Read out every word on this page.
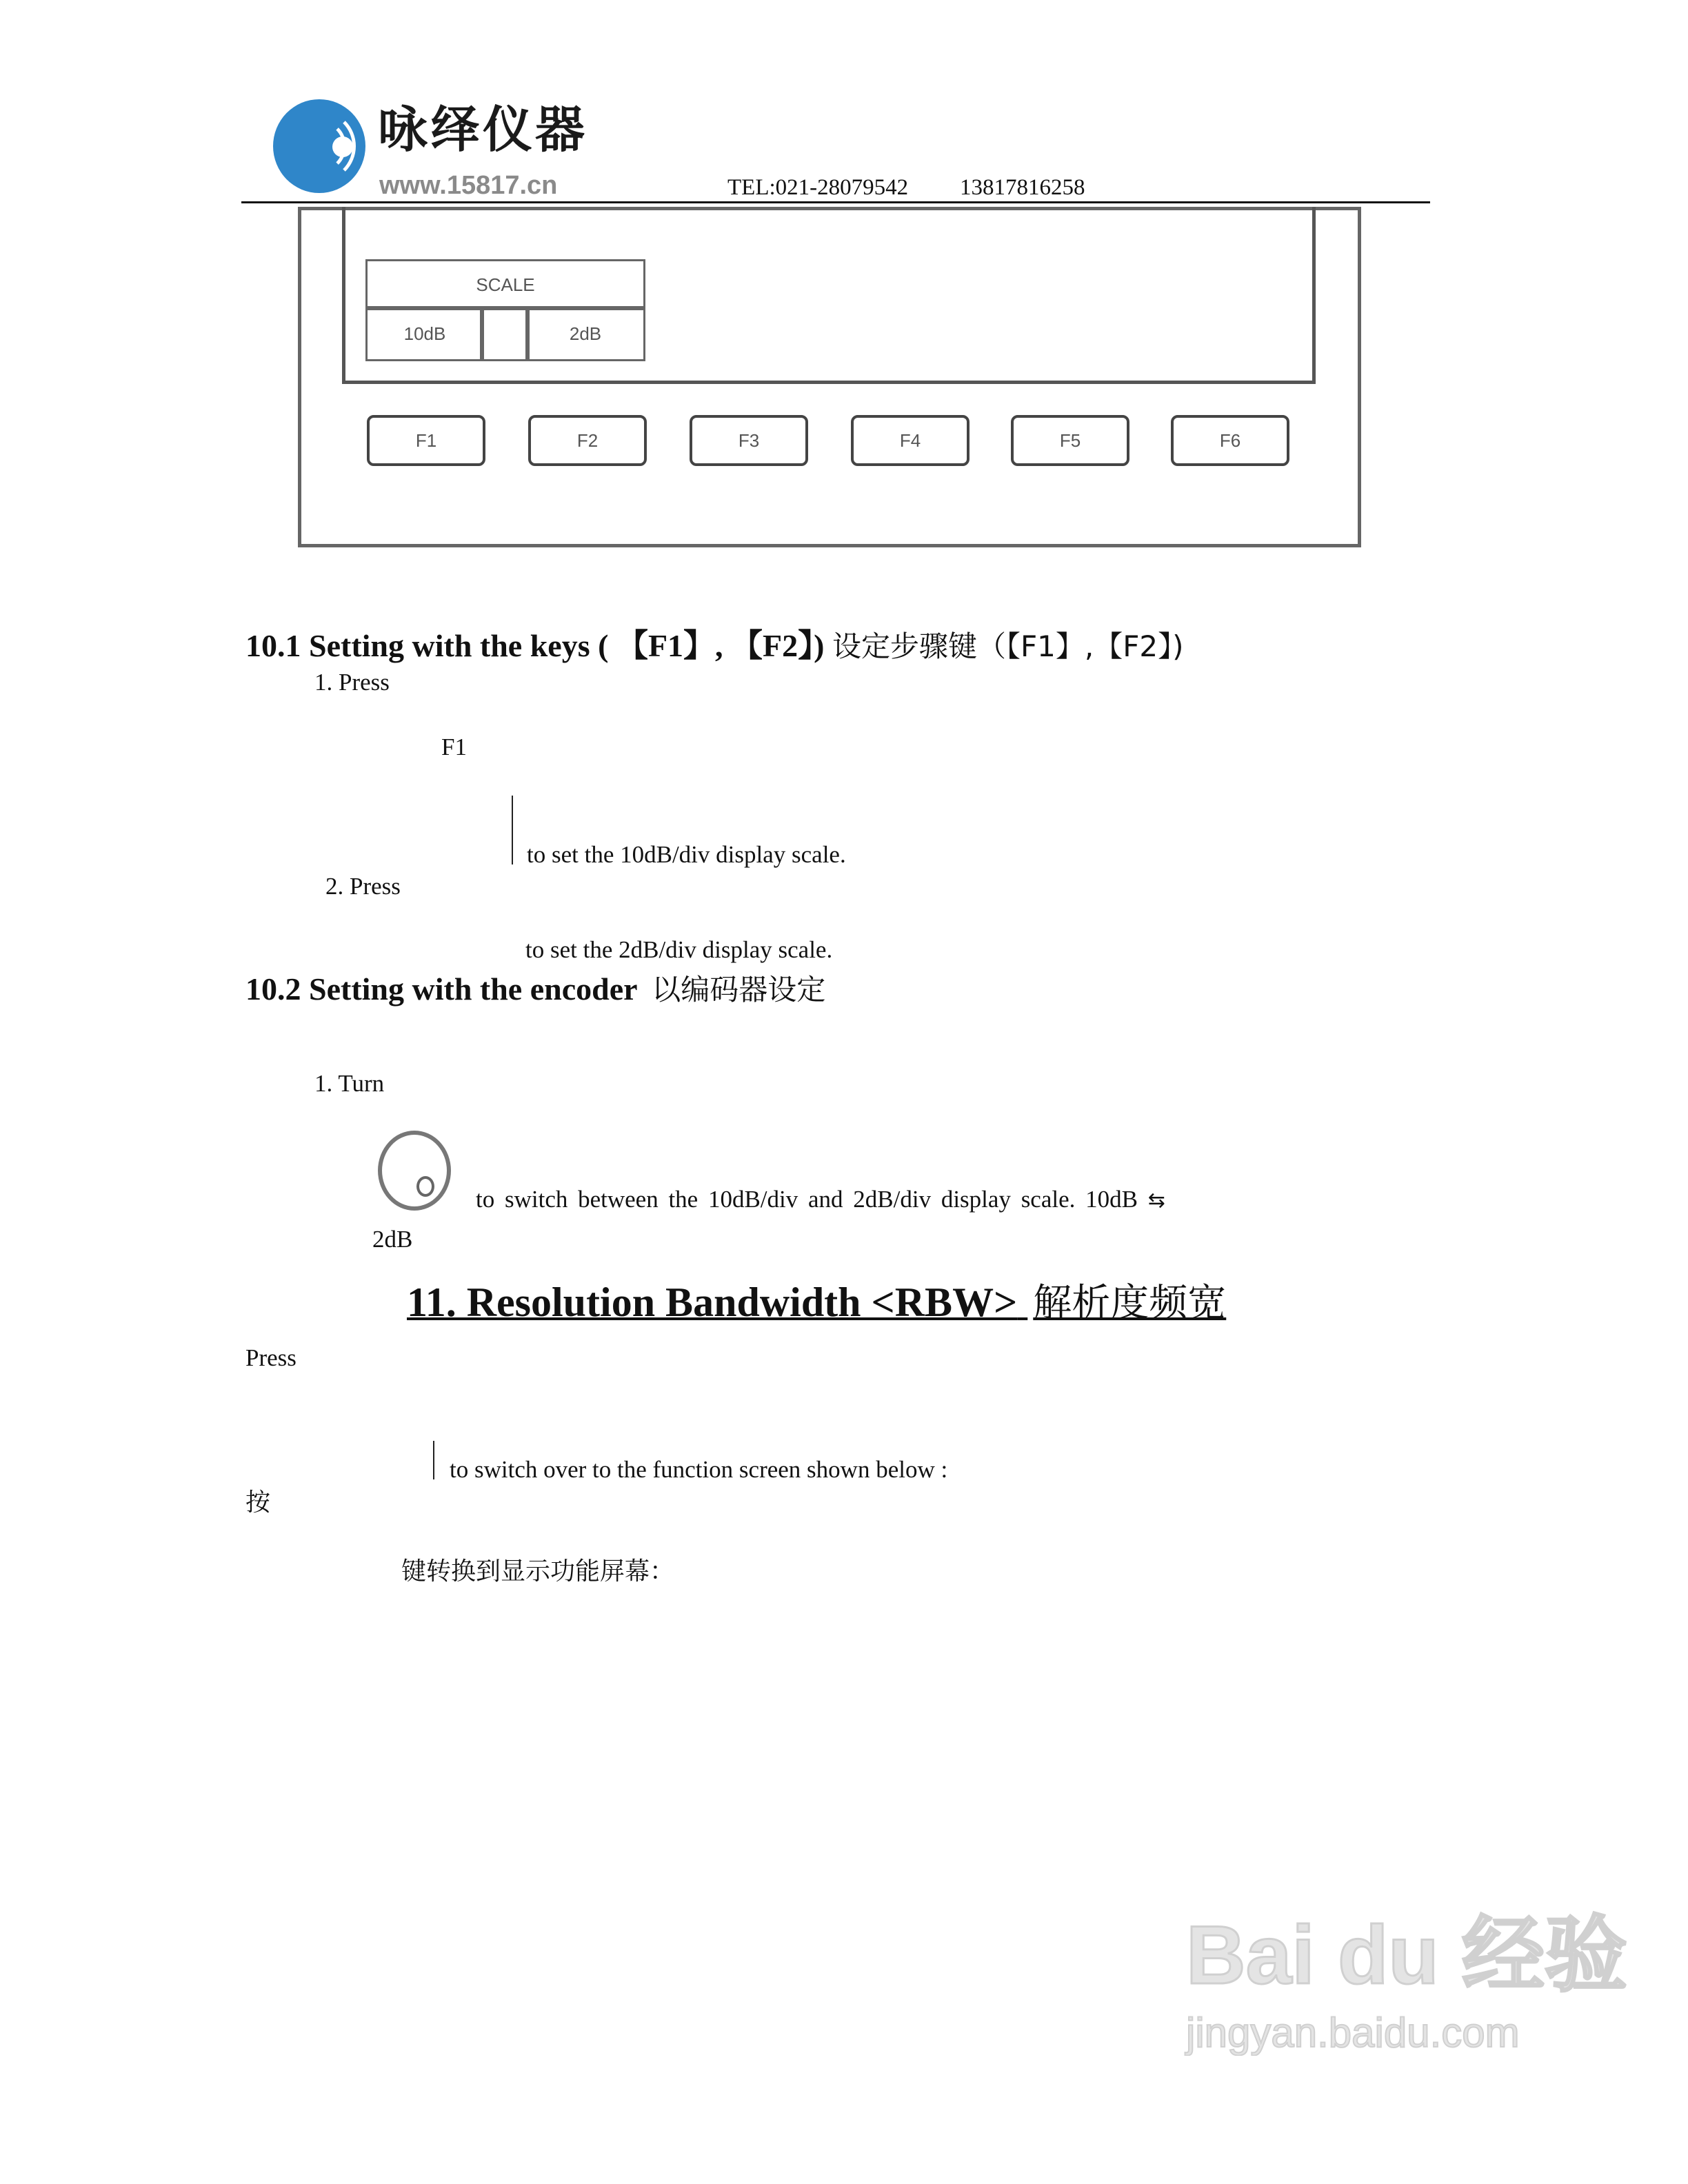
咏绎仪器
www.15817.cn	TEL:021-28079542 13817816258
SCALE
10dB	2dB
F1	F2	F3	F4	F5	F6
10.1 Setting with the keys ( 【F1】, 【F2】) 设定步骤键（【F1】,【F2】)
1. Press
F1
to set the 10dB/div display scale.
2. Press
to set the 2dB/div display scale.
10.2 Setting with the encoder 以编码器设定
1. Turn
to switch between the 10dB/div and 2dB/div display scale. 10dB ⇆
2dB
11. Resolution Bandwidth <RBW> 解析度频宽
Press
to switch over to the function screen shown below :
按
键转换到显示功能屏幕：
Bai du 经验
jingyan.baidu.com
